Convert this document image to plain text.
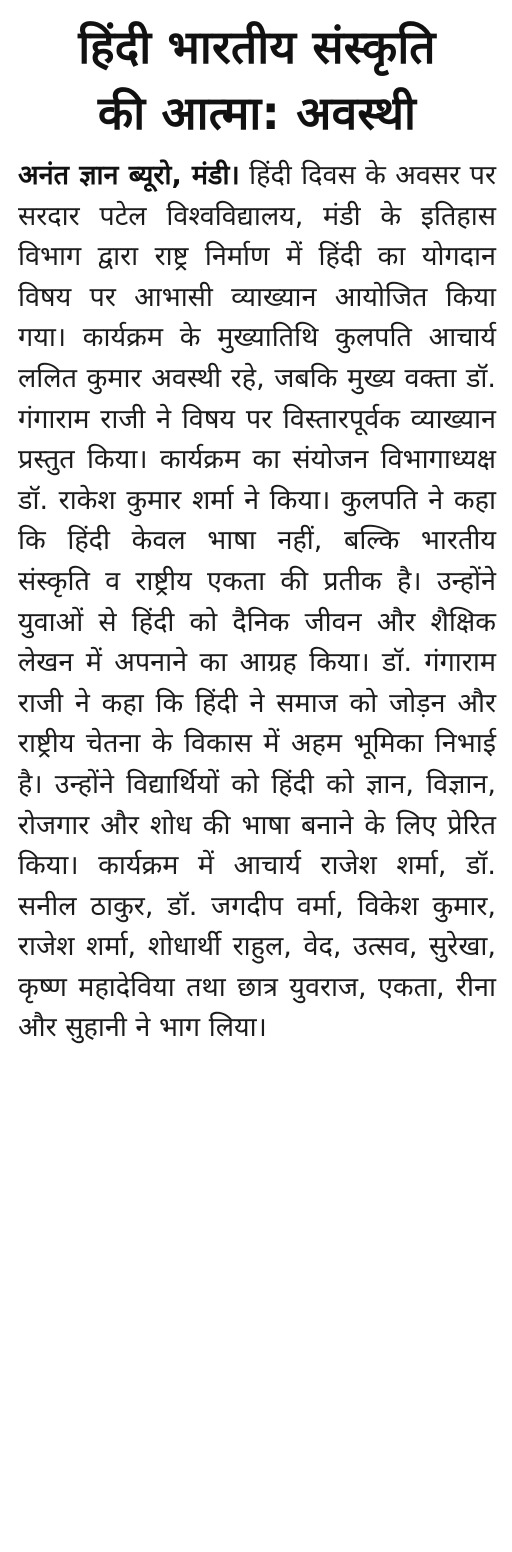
हिंदी भारतीय संस्कृति
की आत्मा: अवस्थी

अनंत ज्ञान ब्यूरो, मंडी। हिंदी दिवस के अवसर पर सरदार पटेल विश्वविद्यालय, मंडी के इतिहास विभाग द्वारा राष्ट्र निर्माण में हिंदी का योगदान विषय पर आभासी व्याख्यान आयोजित किया गया। कार्यक्रम के मुख्यातिथि कुलपति आचार्य ललित कुमार अवस्थी रहे, जबकि मुख्य वक्ता डॉ. गंगाराम राजी ने विषय पर विस्तारपूर्वक व्याख्यान प्रस्तुत किया। कार्यक्रम का संयोजन विभागाध्यक्ष डॉ. राकेश कुमार शर्मा ने किया। कुलपति ने कहा कि हिंदी केवल भाषा नहीं, बल्कि भारतीय संस्कृति व राष्ट्रीय एकता की प्रतीक है। उन्होंने युवाओं से हिंदी को दैनिक जीवन और शैक्षिक लेखन में अपनाने का आग्रह किया। डॉ. गंगाराम राजी ने कहा कि हिंदी ने समाज को जोड़न और राष्ट्रीय चेतना के विकास में अहम भूमिका निभाई है। उन्होंने विद्यार्थियों को हिंदी को ज्ञान, विज्ञान, रोजगार और शोध की भाषा बनाने के लिए प्रेरित किया। कार्यक्रम में आचार्य राजेश शर्मा, डॉ. सनील ठाकुर, डॉ. जगदीप वर्मा, विकेश कुमार, राजेश शर्मा, शोधार्थी राहुल, वेद, उत्सव, सुरेखा, कृष्ण महादेविया तथा छात्र युवराज, एकता, रीना और सुहानी ने भाग लिया।
